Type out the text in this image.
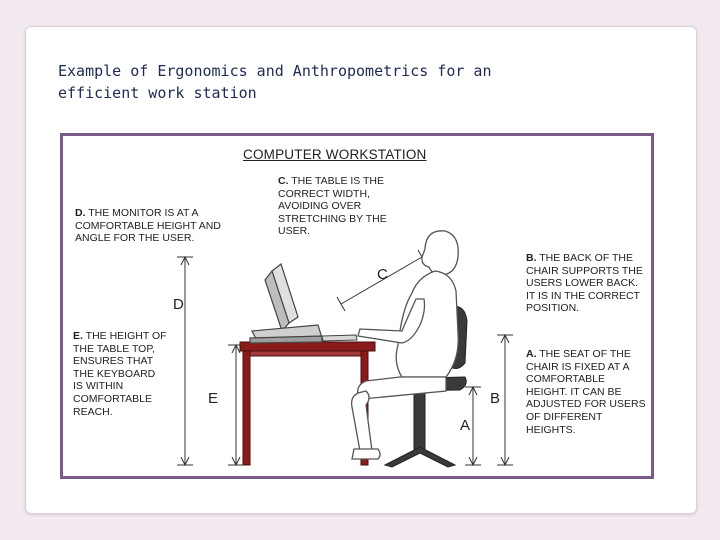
Example of Ergonomics and Anthropometrics for an
efficient work station
COMPUTER WORKSTATION
C. THE TABLE IS THE CORRECT WIDTH, AVOIDING OVER STRETCHING BY THE USER.
D. THE MONITOR IS AT A COMFORTABLE HEIGHT AND ANGLE FOR THE USER.
E. THE HEIGHT OF THE TABLE TOP, ENSURES THAT THE KEYBOARD IS WITHIN COMFORTABLE REACH.
B. THE BACK OF THE CHAIR SUPPORTS THE USERS LOWER BACK. IT IS IN THE CORRECT POSITION.
A. THE SEAT OF THE CHAIR IS FIXED AT A COMFORTABLE HEIGHT. IT CAN BE ADJUSTED FOR USERS OF DIFFERENT HEIGHTS.
D
E
C
A
B
